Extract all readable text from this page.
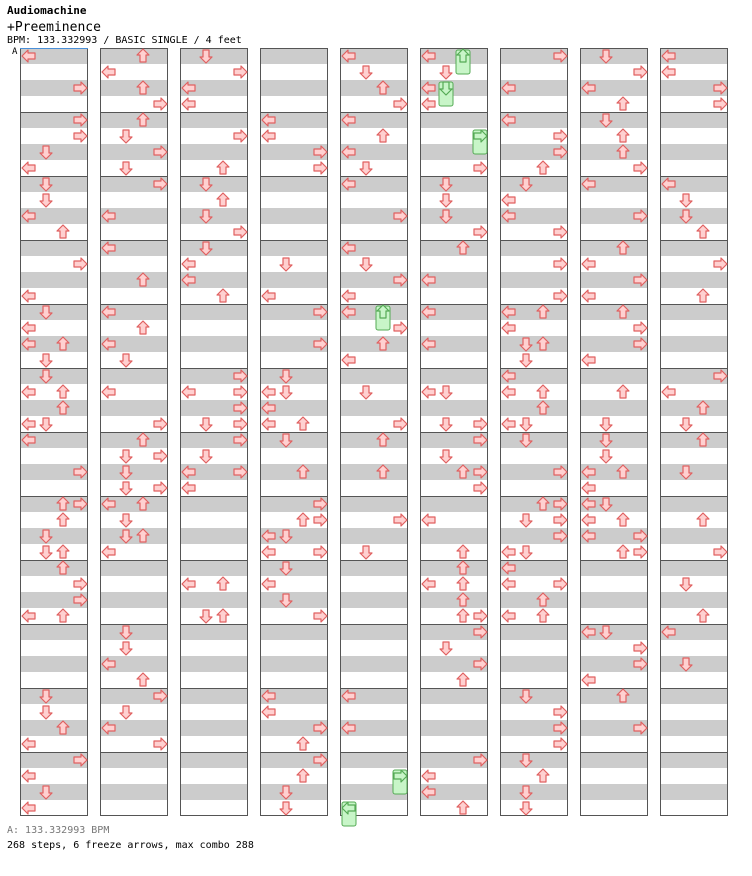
Audiomachine
+Preeminence
BPM: 133.332993 / BASIC SINGLE / 4 feet
A
A: 133.332993 BPM
268 steps, 6 freeze arrows, max combo 288
